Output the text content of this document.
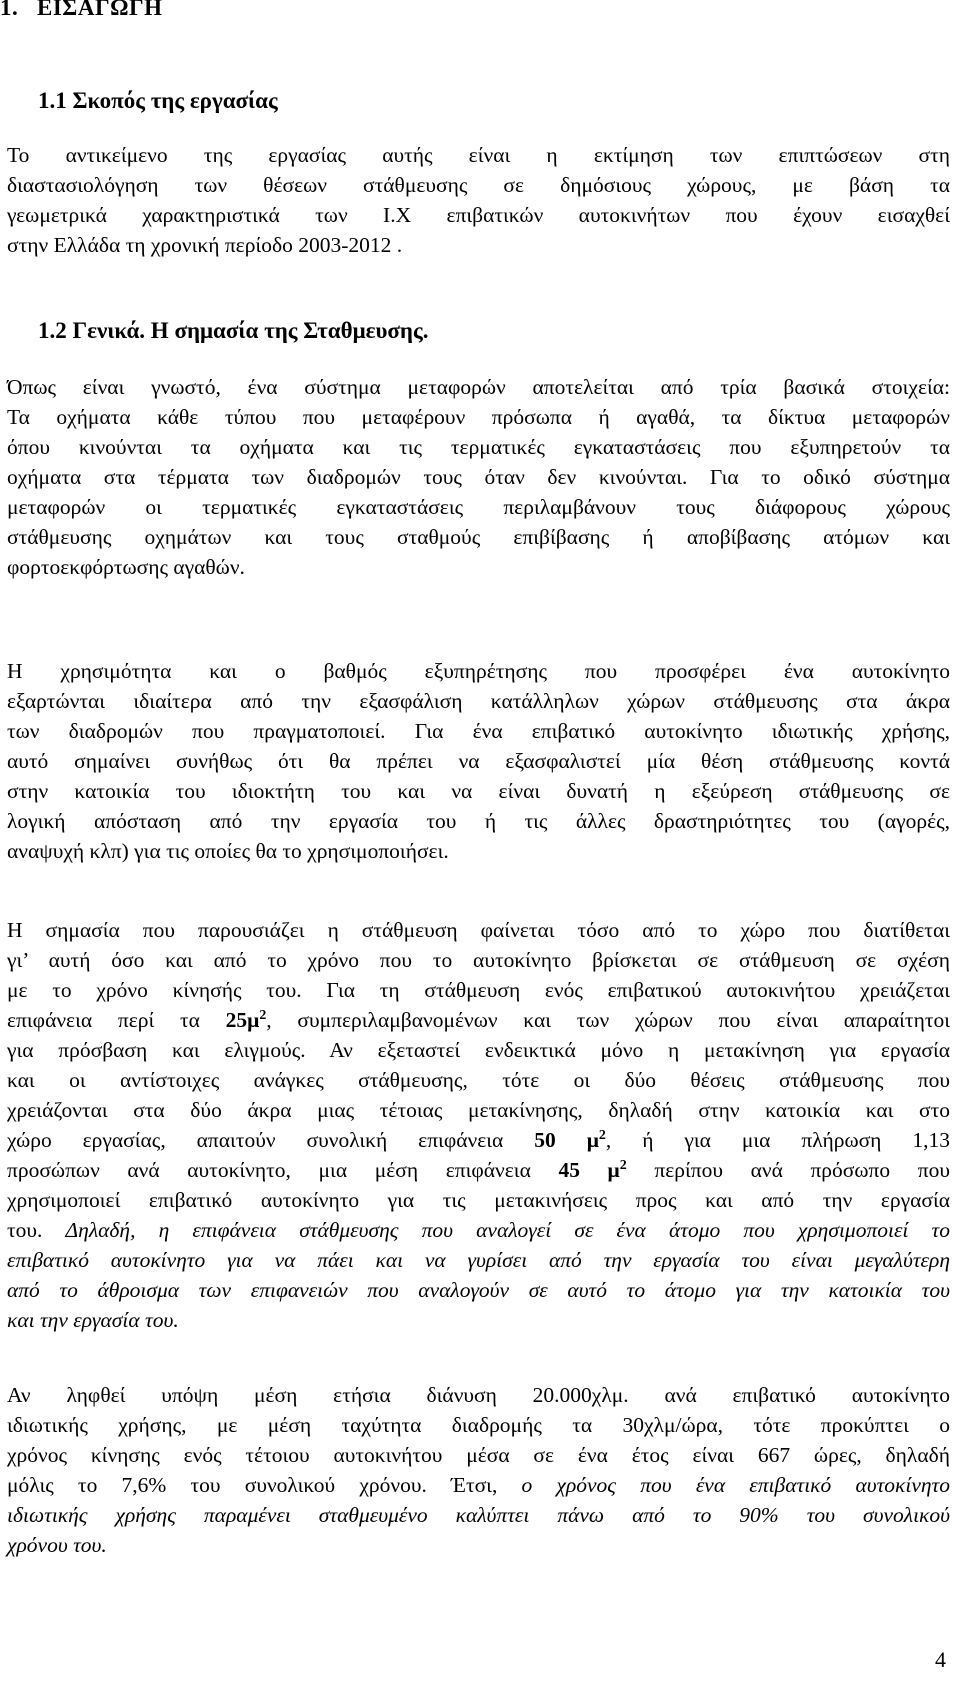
1.   ΕΙΣΑΓΩΓΗ
1.1 Σκοπός της εργασίας
Το αντικείμενο της εργασίας αυτής είναι η εκτίμηση των επιπτώσεων στη
διαστασιολόγηση των θέσεων στάθμευσης σε δημόσιους χώρους, με βάση τα
γεωμετρικά χαρακτηριστικά των Ι.Χ επιβατικών αυτοκινήτων που έχουν εισαχθεί
στην Ελλάδα τη χρονική περίοδο 2003-2012 .
1.2 Γενικά. Η σημασία της Σταθμευσης.
Όπως είναι γνωστό, ένα σύστημα μεταφορών αποτελείται από τρία βασικά στοιχεία:
Τα οχήματα κάθε τύπου που μεταφέρουν πρόσωπα ή αγαθά, τα δίκτυα μεταφορών
όπου κινούνται τα οχήματα και τις τερματικές εγκαταστάσεις που εξυπηρετούν τα
οχήματα στα τέρματα των διαδρομών τους όταν δεν κινούνται. Για το οδικό σύστημα
μεταφορών οι τερματικές εγκαταστάσεις περιλαμβάνουν τους διάφορους χώρους
στάθμευσης οχημάτων και τους σταθμούς επιβίβασης ή αποβίβασης ατόμων και
φορτοεκφόρτωσης αγαθών.
Η χρησιμότητα και ο βαθμός εξυπηρέτησης που προσφέρει ένα αυτοκίνητο
εξαρτώνται ιδιαίτερα από την εξασφάλιση κατάλληλων χώρων στάθμευσης στα άκρα
των διαδρομών που πραγματοποιεί. Για ένα επιβατικό αυτοκίνητο ιδιωτικής χρήσης,
αυτό σημαίνει συνήθως ότι θα πρέπει να εξασφαλιστεί μία θέση στάθμευσης κοντά
στην κατοικία του ιδιοκτήτη του και να είναι δυνατή η εξεύρεση στάθμευσης σε
λογική απόσταση από την εργασία του ή τις άλλες δραστηριότητες του (αγορές,
αναψυχή κλπ) για τις οποίες θα το χρησιμοποιήσει.
Η σημασία που παρουσιάζει η στάθμευση φαίνεται τόσο από το χώρο που διατίθεται
γι’ αυτή όσο και από το χρόνο που το αυτοκίνητο βρίσκεται σε στάθμευση σε σχέση
με το χρόνο κίνησής του. Για τη στάθμευση ενός επιβατικού αυτοκινήτου χρειάζεται
επιφάνεια περί τα $25\mu^2$, συμπεριλαμβανομένων και των χώρων που είναι απαραίτητοι
για πρόσβαση και ελιγμούς. Αν εξεταστεί ενδεικτικά μόνο η μετακίνηση για εργασία
και οι αντίστοιχες ανάγκες στάθμευσης, τότε οι δύο θέσεις στάθμευσης που
χρειάζονται στα δύο άκρα μιας τέτοιας μετακίνησης, δηλαδή στην κατοικία και στο
χώρο εργασίας, απαιτούν συνολική επιφάνεια 50 $\mu^2$, ή για μια πλήρωση 1,13
προσώπων ανά αυτοκίνητο, μια μέση επιφάνεια 45 $\mu^2$ περίπου ανά πρόσωπο που
χρησιμοποιεί επιβατικό αυτοκίνητο για τις μετακινήσεις προς και από την εργασία
του. Δηλαδή, η επιφάνεια στάθμευσης που αναλογεί σε ένα άτομο που χρησιμοποιεί το
επιβατικό αυτοκίνητο για να πάει και να γυρίσει από την εργασία του είναι μεγαλύτερη
από το άθροισμα των επιφανειών που αναλογούν σε αυτό το άτομο για την κατοικία του
και την εργασία του.
Αν ληφθεί υπόψη μέση ετήσια διάνυση 20.000χλμ. ανά επιβατικό αυτοκίνητο
ιδιωτικής χρήσης, με μέση ταχύτητα διαδρομής τα 30χλμ/ώρα, τότε προκύπτει ο
χρόνος κίνησης ενός τέτοιου αυτοκινήτου μέσα σε ένα έτος είναι 667 ώρες, δηλαδή
μόλις το 7,6% του συνολικού χρόνου. Έτσι, ο χρόνος που ένα επιβατικό αυτοκίνητο
ιδιωτικής χρήσης παραμένει σταθμευμένο καλύπτει πάνω από το 90% του συνολικού
χρόνου του.
4
